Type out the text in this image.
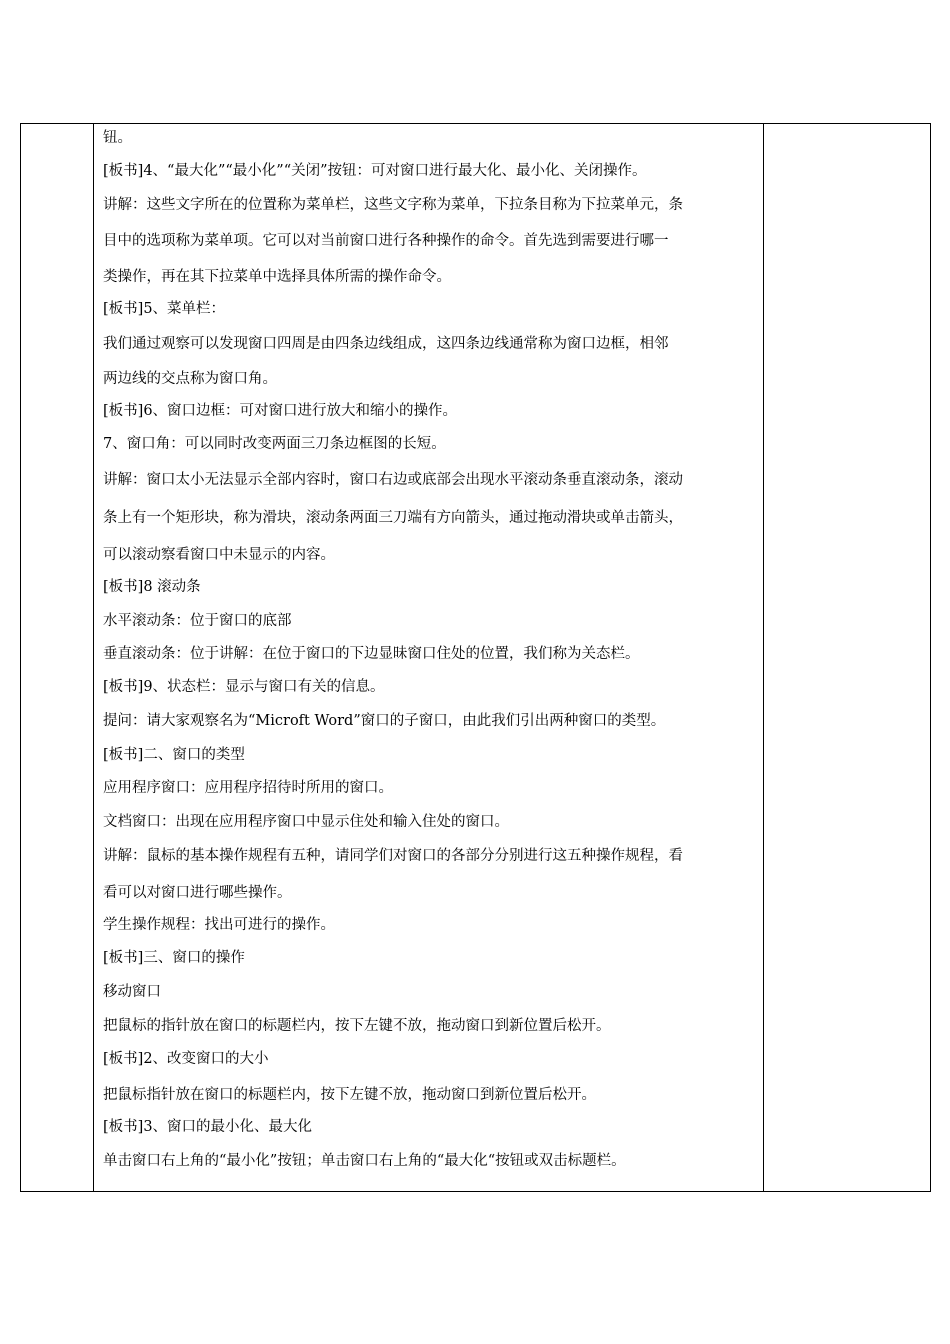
钮。
[板书]4、“最大化”“最小化”“关闭”按钮：可对窗口进行最大化、最小化、关闭操作。
讲解：这些文字所在的位置称为菜单栏，这些文字称为菜单，下拉条目称为下拉菜单元，条
目中的选项称为菜单项。它可以对当前窗口进行各种操作的命令。首先选到需要进行哪一
类操作，再在其下拉菜单中选择具体所需的操作命令。
[板书]5、菜单栏：
我们通过观察可以发现窗口四周是由四条边线组成，这四条边线通常称为窗口边框，相邻
两边线的交点称为窗口角。
[板书]6、窗口边框：可对窗口进行放大和缩小的操作。
7、窗口角：可以同时改变两面三刀条边框图的长短。
讲解：窗口太小无法显示全部内容时，窗口右边或底部会出现水平滚动条垂直滚动条，滚动
条上有一个矩形块，称为滑块，滚动条两面三刀端有方向箭头，通过拖动滑块或单击箭头，
可以滚动察看窗口中未显示的内容。
[板书]8 滚动条
水平滚动条：位于窗口的底部
垂直滚动条：位于讲解：在位于窗口的下边显昧窗口住处的位置，我们称为关态栏。
[板书]9、状态栏：显示与窗口有关的信息。
提问：请大家观察名为“Microft Word”窗口的子窗口，由此我们引出两种窗口的类型。
[板书]二、窗口的类型
应用程序窗口：应用程序招待时所用的窗口。
文档窗口：出现在应用程序窗口中显示住处和输入住处的窗口。
讲解：鼠标的基本操作规程有五种，请同学们对窗口的各部分分别进行这五种操作规程，看
看可以对窗口进行哪些操作。
学生操作规程：找出可进行的操作。
[板书]三、窗口的操作
移动窗口
把鼠标的指针放在窗口的标题栏内，按下左键不放，拖动窗口到新位置后松开。
[板书]2、改变窗口的大小
把鼠标指针放在窗口的标题栏内，按下左键不放，拖动窗口到新位置后松开。
[板书]3、窗口的最小化、最大化
单击窗口右上角的“最小化”按钮；单击窗口右上角的“最大化“按钮或双击标题栏。
